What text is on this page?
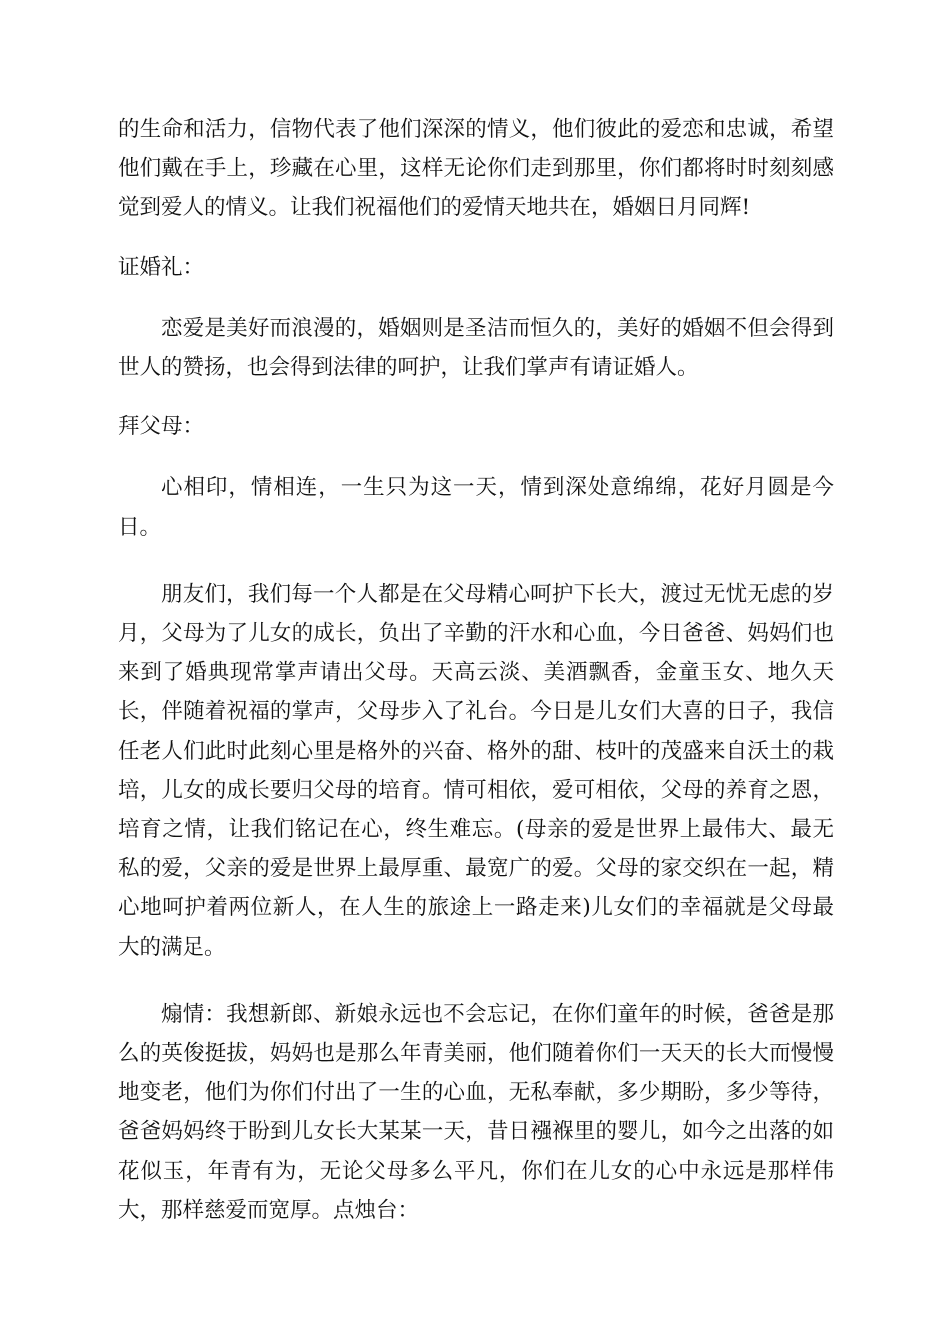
的生命和活力，信物代表了他们深深的情义，他们彼此的爱恋和忠诚，希望他们戴在手上，珍藏在心里，这样无论你们走到那里，你们都将时时刻刻感觉到爱人的情义。让我们祝福他们的爱情天地共在，婚姻日月同辉!

证婚礼：

恋爱是美好而浪漫的，婚姻则是圣洁而恒久的，美好的婚姻不但会得到世人的赞扬，也会得到法律的呵护，让我们掌声有请证婚人。

拜父母：

心相印，情相连，一生只为这一天，情到深处意绵绵，花好月圆是今日。

朋友们，我们每一个人都是在父母精心呵护下长大，渡过无忧无虑的岁月，父母为了儿女的成长，负出了辛勤的汗水和心血，今日爸爸、妈妈们也来到了婚典现常掌声请出父母。天高云淡、美酒飘香，金童玉女、地久天长，伴随着祝福的掌声，父母步入了礼台。今日是儿女们大喜的日子，我信任老人们此时此刻心里是格外的兴奋、格外的甜、枝叶的茂盛来自沃土的栽培，儿女的成长要归父母的培育。情可相依，爱可相依，父母的养育之恩，培育之情，让我们铭记在心，终生难忘。(母亲的爱是世界上最伟大、最无私的爱，父亲的爱是世界上最厚重、最宽广的爱。父母的家交织在一起，精心地呵护着两位新人，在人生的旅途上一路走来)儿女们的幸福就是父母最大的满足。

煽情：我想新郎、新娘永远也不会忘记，在你们童年的时候，爸爸是那么的英俊挺拔，妈妈也是那么年青美丽，他们随着你们一天天的长大而慢慢地变老，他们为你们付出了一生的心血，无私奉献，多少期盼，多少等待，爸爸妈妈终于盼到儿女长大某某一天，昔日襁褓里的婴儿，如今之出落的如花似玉，年青有为，无论父母多么平凡，你们在儿女的心中永远是那样伟大，那样慈爱而宽厚。点烛台：
